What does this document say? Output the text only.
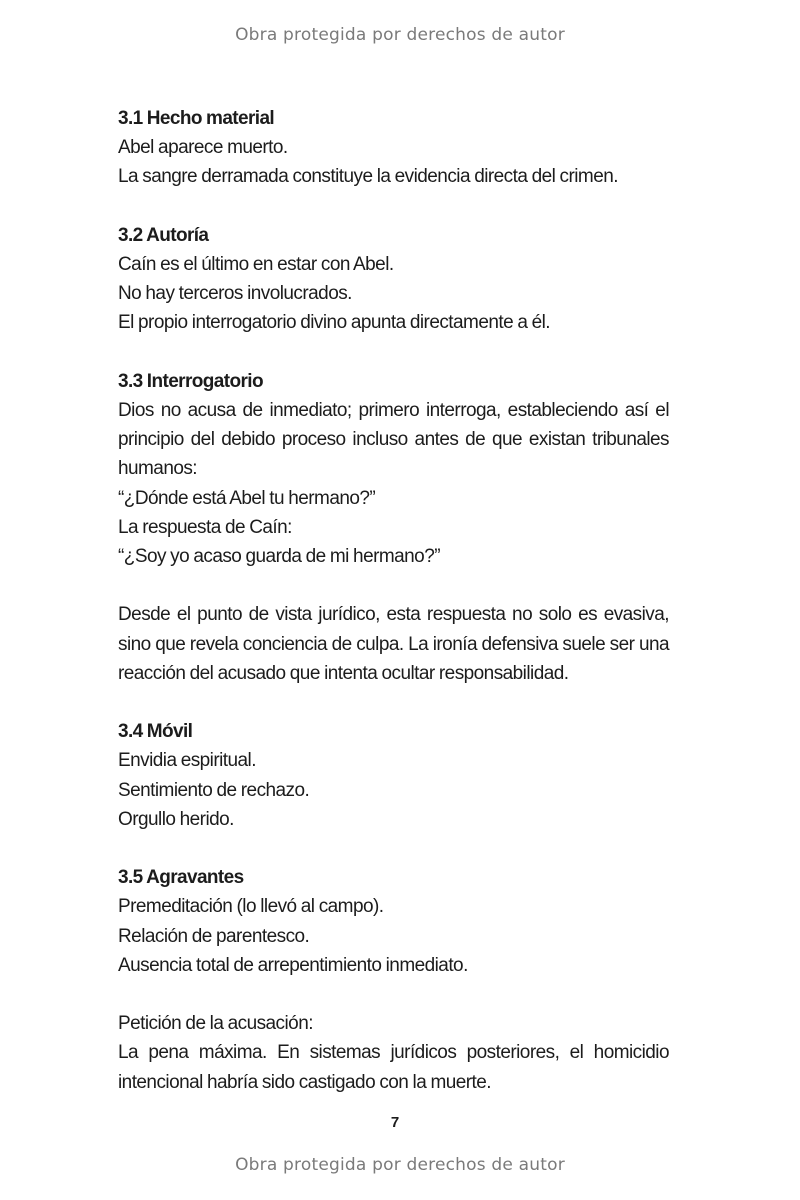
Obra protegida por derechos de autor

3.1 Hecho material

Abel aparece muerto.

La sangre derramada constituye la evidencia directa del crimen.

3.2 Autoría

Caín es el último en estar con Abel.

No hay terceros involucrados.

El propio interrogatorio divino apunta directamente a él.

3.3 Interrogatorio

Dios no acusa de inmediato; primero interroga, estableciendo así el principio del debido proceso incluso antes de que existan tribunales humanos:

“¿Dónde está Abel tu hermano?”

La respuesta de Caín:

“¿Soy yo acaso guarda de mi hermano?”

Desde el punto de vista jurídico, esta respuesta no solo es evasiva, sino que revela conciencia de culpa. La ironía defensiva suele ser una reacción del acusado que intenta ocultar responsabilidad.

3.4 Móvil

Envidia espiritual.

Sentimiento de rechazo.

Orgullo herido.

3.5 Agravantes

Premeditación (lo llevó al campo).

Relación de parentesco.

Ausencia total de arrepentimiento inmediato.

Petición de la acusación:

La pena máxima. En sistemas jurídicos posteriores, el homicidio intencional habría sido castigado con la muerte.

7
Obra protegida por derechos de autor
